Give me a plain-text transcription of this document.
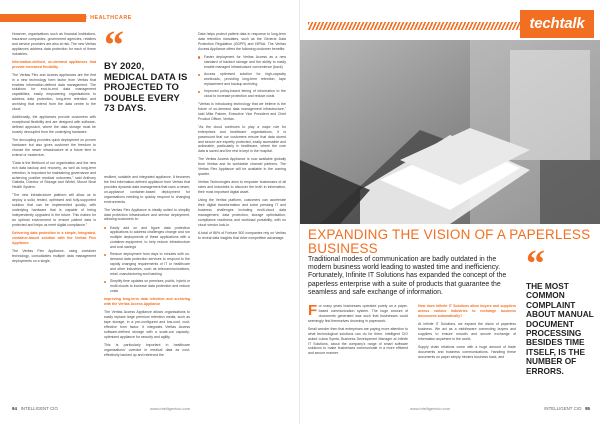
INTELLIGENT VERTICAL: HEALTHCARE

However, organisations such as financial institutions, insurance companies, government agencies, retailers and service providers are also at risk. The new Veritas appliances address data protection for each of these industries.

Information-defined, on-demand appliances that provide increased flexibility

The Veritas Flex and Access appliances are the first in a new technology form factor from Veritas that enables information-defined data management. The solutions for end-to-end data management capabilities, easily empowering organisations to address data protection, long-term retention and archiving that extend from the data centre to the cloud.

Additionally, the appliances provide customers with exceptional flexibility and are designed with software-defined approach, where the data storage must be loosely decoupled from the underlying hardware.

The decoupling provides quick deployment on proven hardware but also gives customer the freedom to choose the newer infrastructure at a future time to extend or modernize.

"Data is the lifeblood of our organisation and the new rich data backup and recovery, as well as long-term retention, is important for maintaining governance and achieving positive medical outcomes," said Anthony Gallotta, Director of Storage and Wintel, Mount Sinai Health System.

"The new infrastructure platform will allow us to deploy a solid, tested, optimised and fully-supported solution that can be implemented quickly, with underlying hardware that is capable of being independently upgraded in the future. This makes for an optimal environment to ensure patient data is protected and helps us meet digital compliance."

Delivering data protection in a simple, integrated, container-based solution with the Veritas Flex Appliance

The Veritas Flex Appliance, using container technology, consolidates multiple data management deployments on a single,

“
BY 2020, MEDICAL DATA IS PROJECTED TO DOUBLE EVERY 73 DAYS.

resilient, scalable and integrated appliance. It becomes the first information-defined appliance from Veritas that provides dynamic data management that uses a newer, on-appliance container-based deployment for organisations needing to quickly respond to changing environments.

The Veritas Flex Appliance is ideally suited to simplify data protection infrastructure and service deployment, allowing customers to:

Easily add on and figure data protection applications to address challenges change and run multiple deployments of these applications with a container-equipment, to help reduce infrastructure and cost savings
Reduce deployment from days to minutes with on-demand data protection services to respond to the rapidly changing requirements of IT or healthcare and other industries, such as telecommunications, retail, manufacturing and banking
Simplify time updates on premises, public, hybrid or multi-clouds to increase data protection and reduce costs

Improving long-term data retention and archiving with the Veritas Access Appliance

The Veritas Access Appliance allows organisations to easily replace large premium retention media, such as tape storage, in a pre-configured and low-cost, cost-effective form factor. It integrates Veritas Access software-defined storage with a scale-out capacity-optimised appliance for security and agility.

This is particularly important in healthcare organisations' overdue in medical data as cost-effectively backed up and retrieved the

Data helps protect patient data in response to long-term data retention mandates, such as the General Data Protection Regulation (GDPR) and HIPAA. The Veritas Access Appliance offers the following customer benefits:

Faster deployment for Veritas Access as a new standard of backed storage and the ability to easily enable managed infrastructure convenience (back)
Access optimised solution for high-capacity workloads, providing long-term retention, tape replacement and backup archiving
Improved policy-based tiering of information to the cloud to increase protection and reduce costs

"Veritas is introducing technology that we believe is the future of on-demand data management infrastructure," said Mike Palmer, Executive Vice President and Chief Product Officer, Veritas.

"As the cloud continues to play a major role for enterprises and healthcare organisations, it is paramount that our customers ensure that data stored and secure are expertly protected, easily accessible and actionable, particularly in healthcare, where the core data is saved and the rest is kept in the hospital.

The Veritas Access Appliance is now available globally from Veritas and its worldwide channel partners. The Veritas Flex Appliance will be available in the coming quarter.

Veritas Technologies aims to empower businesses of all sizes and industries to discover the truth in information, their most important digital asset.

Using the Veritas platform, customers can accelerate their digital transformation and solve pressing IT and business challenges including multi-cloud data management, data protection, storage optimisation, compliance readiness and workload portability, with no cloud vendor lock-in.

A total of 86% of Fortune 500 companies rely on Veritas to reveal data insights that drive competitive advantage.

94 INTELLIGENT CIO	www.intelligentcio.com
techtalk
EXPANDING THE VISION OF A PAPERLESS BUSINESS
Traditional modes of communication are badly outdated in the modern business world leading to wasted time and inefficiency. Fortunately, Infinite IT Solutions has expanded the concept of the paperless enterprise with a suite of products that guarantee the seamless and safe exchange of information.
“
THE MOST COMMON COMPLAINT ABOUT MANUAL DOCUMENT PROCESSING BESIDES TIME ITSELF, IS THE NUMBER OF ERRORS.
F or many years businesses operated purely on a paper-based communication system. The huge amount of documents generated was such that businesses could seemingly find themselves drowning in paperwork.

Small wonder then that enterprises are paying more attention to what technological solutions can do for them. Intelligent CIO asked Lulwa Syeda, Business Development Manager at Infinite IT Solutions, about the company's range of smart software solutions to make businesses communicate in a more efficient and secure manner.

How does Infinite IT Solutions allow buyers and suppliers across various industries to exchange business documents automatically?

At Infinite IT Solutions, we expand the vision of paperless business. We act as a middleware connecting buyers and suppliers to ensure smooth and secure exchange of information anywhere in the world.

Supply chain relations come with a huge amount of trade documents and business communications. Handling these documents on paper simply hinders business back, and

www.intelligentcio.com	INTELLIGENT CIO 95
